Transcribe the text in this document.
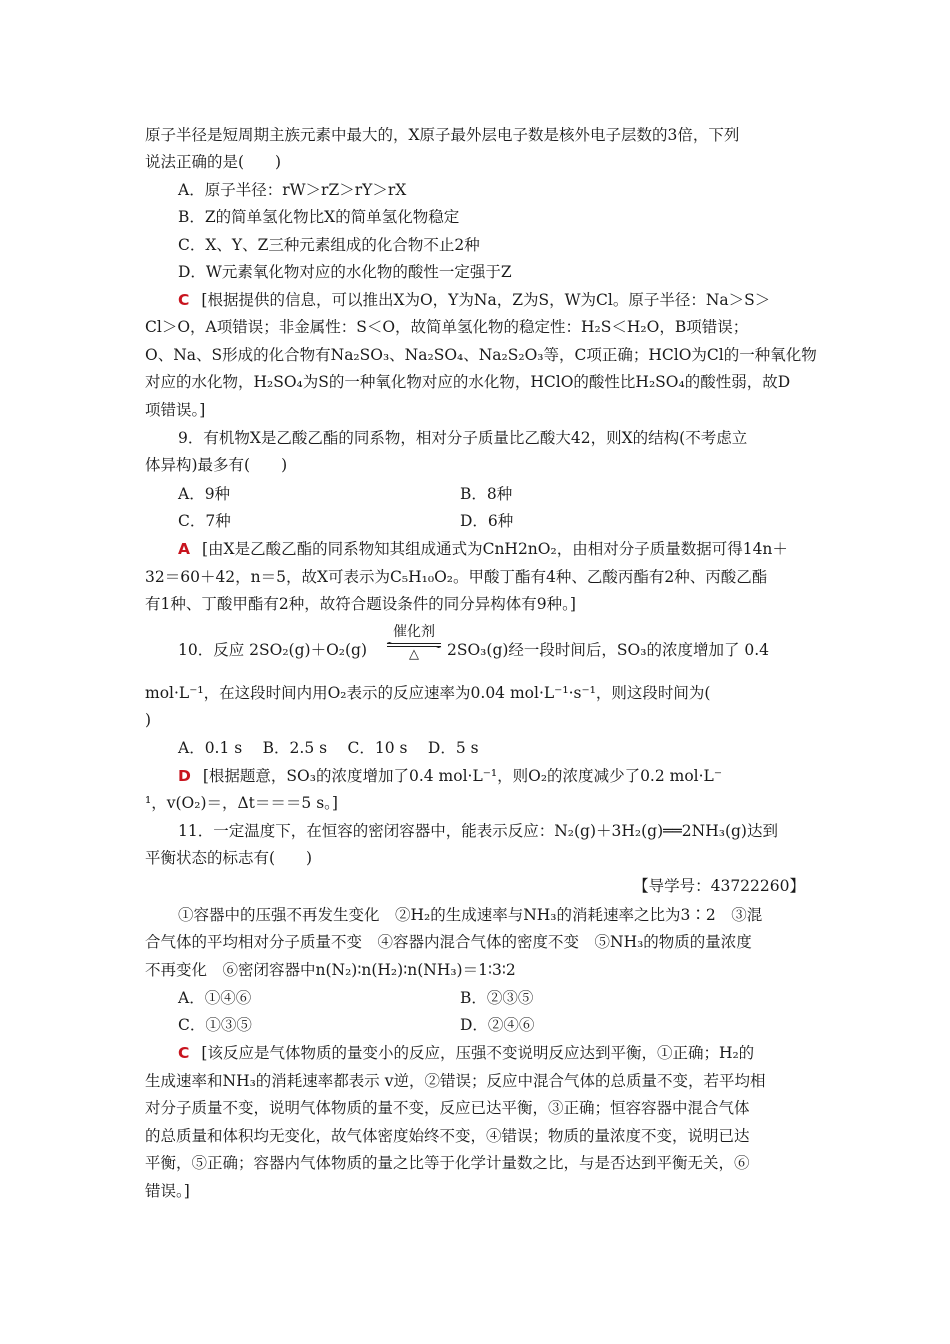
原子半径是短周期主族元素中最大的，X原子最外层电子数是核外电子层数的3倍，下列
说法正确的是(　　)
A．原子半径：rW＞rZ＞rY＞rX
B．Z的简单氢化物比X的简单氢化物稳定
C．X、Y、Z三种元素组成的化合物不止2种
D．W元素氧化物对应的水化物的酸性一定强于Z
C [根据提供的信息，可以推出X为O，Y为Na，Z为S，W为Cl。原子半径：Na＞S＞
Cl＞O，A项错误；非金属性：S＜O，故简单氢化物的稳定性：H₂S＜H₂O，B项错误；
O、Na、S形成的化合物有Na₂SO₃、Na₂SO₄、Na₂S₂O₃等，C项正确；HClO为Cl的一种氧化物
对应的水化物，H₂SO₄为S的一种氧化物对应的水化物，HClO的酸性比H₂SO₄的酸性弱，故D
项错误。]
9．有机物X是乙酸乙酯的同系物，相对分子质量比乙酸大42，则X的结构(不考虑立
体异构)最多有(　　)
A．9种	B．8种
C．7种	D．6种
A [由X是乙酸乙酯的同系物知其组成通式为CnH2nO₂，由相对分子质量数据可得14n＋
32＝60＋42，n＝5，故X可表示为C₅H₁₀O₂。甲酸丁酯有4种、乙酸丙酯有2种、丙酸乙酯
有1种、丁酸甲酯有2种，故符合题设条件的同分异构体有9种。]
10．反应 2SO₂(g)＋O₂(g)
催化剂
△	2SO₃(g)经一段时间后，SO₃的浓度增加了 0.4
mol·L⁻¹，在这段时间内用O₂表示的反应速率为0.04 mol·L⁻¹·s⁻¹，则这段时间为(
)
A．0.1 s　 B．2.5 s　 C．10 s　 D．5 s
D [根据题意，SO₃的浓度增加了0.4 mol·L⁻¹，则O₂的浓度减少了0.2 mol·L⁻
¹，v(O₂)＝，Δt＝＝＝5 s。]
11．一定温度下，在恒容的密闭容器中，能表示反应：N₂(g)＋3H₂(g)══2NH₃(g)达到
平衡状态的标志有(　　)
【导学号：43722260】
①容器中的压强不再发生变化　②H₂的生成速率与NH₃的消耗速率之比为3∶2　③混
合气体的平均相对分子质量不变　④容器内混合气体的密度不变　⑤NH₃的物质的量浓度
不再变化　⑥密闭容器中n(N₂)∶n(H₂)∶n(NH₃)＝1∶3∶2
A．①④⑥	B．②③⑤
C．①③⑤	D．②④⑥
C [该反应是气体物质的量变小的反应，压强不变说明反应达到平衡，①正确；H₂的
生成速率和NH₃的消耗速率都表示 v逆，②错误；反应中混合气体的总质量不变，若平均相
对分子质量不变，说明气体物质的量不变，反应已达平衡，③正确；恒容容器中混合气体
的总质量和体积均无变化，故气体密度始终不变，④错误；物质的量浓度不变，说明已达
平衡，⑤正确；容器内气体物质的量之比等于化学计量数之比，与是否达到平衡无关，⑥
错误。]
